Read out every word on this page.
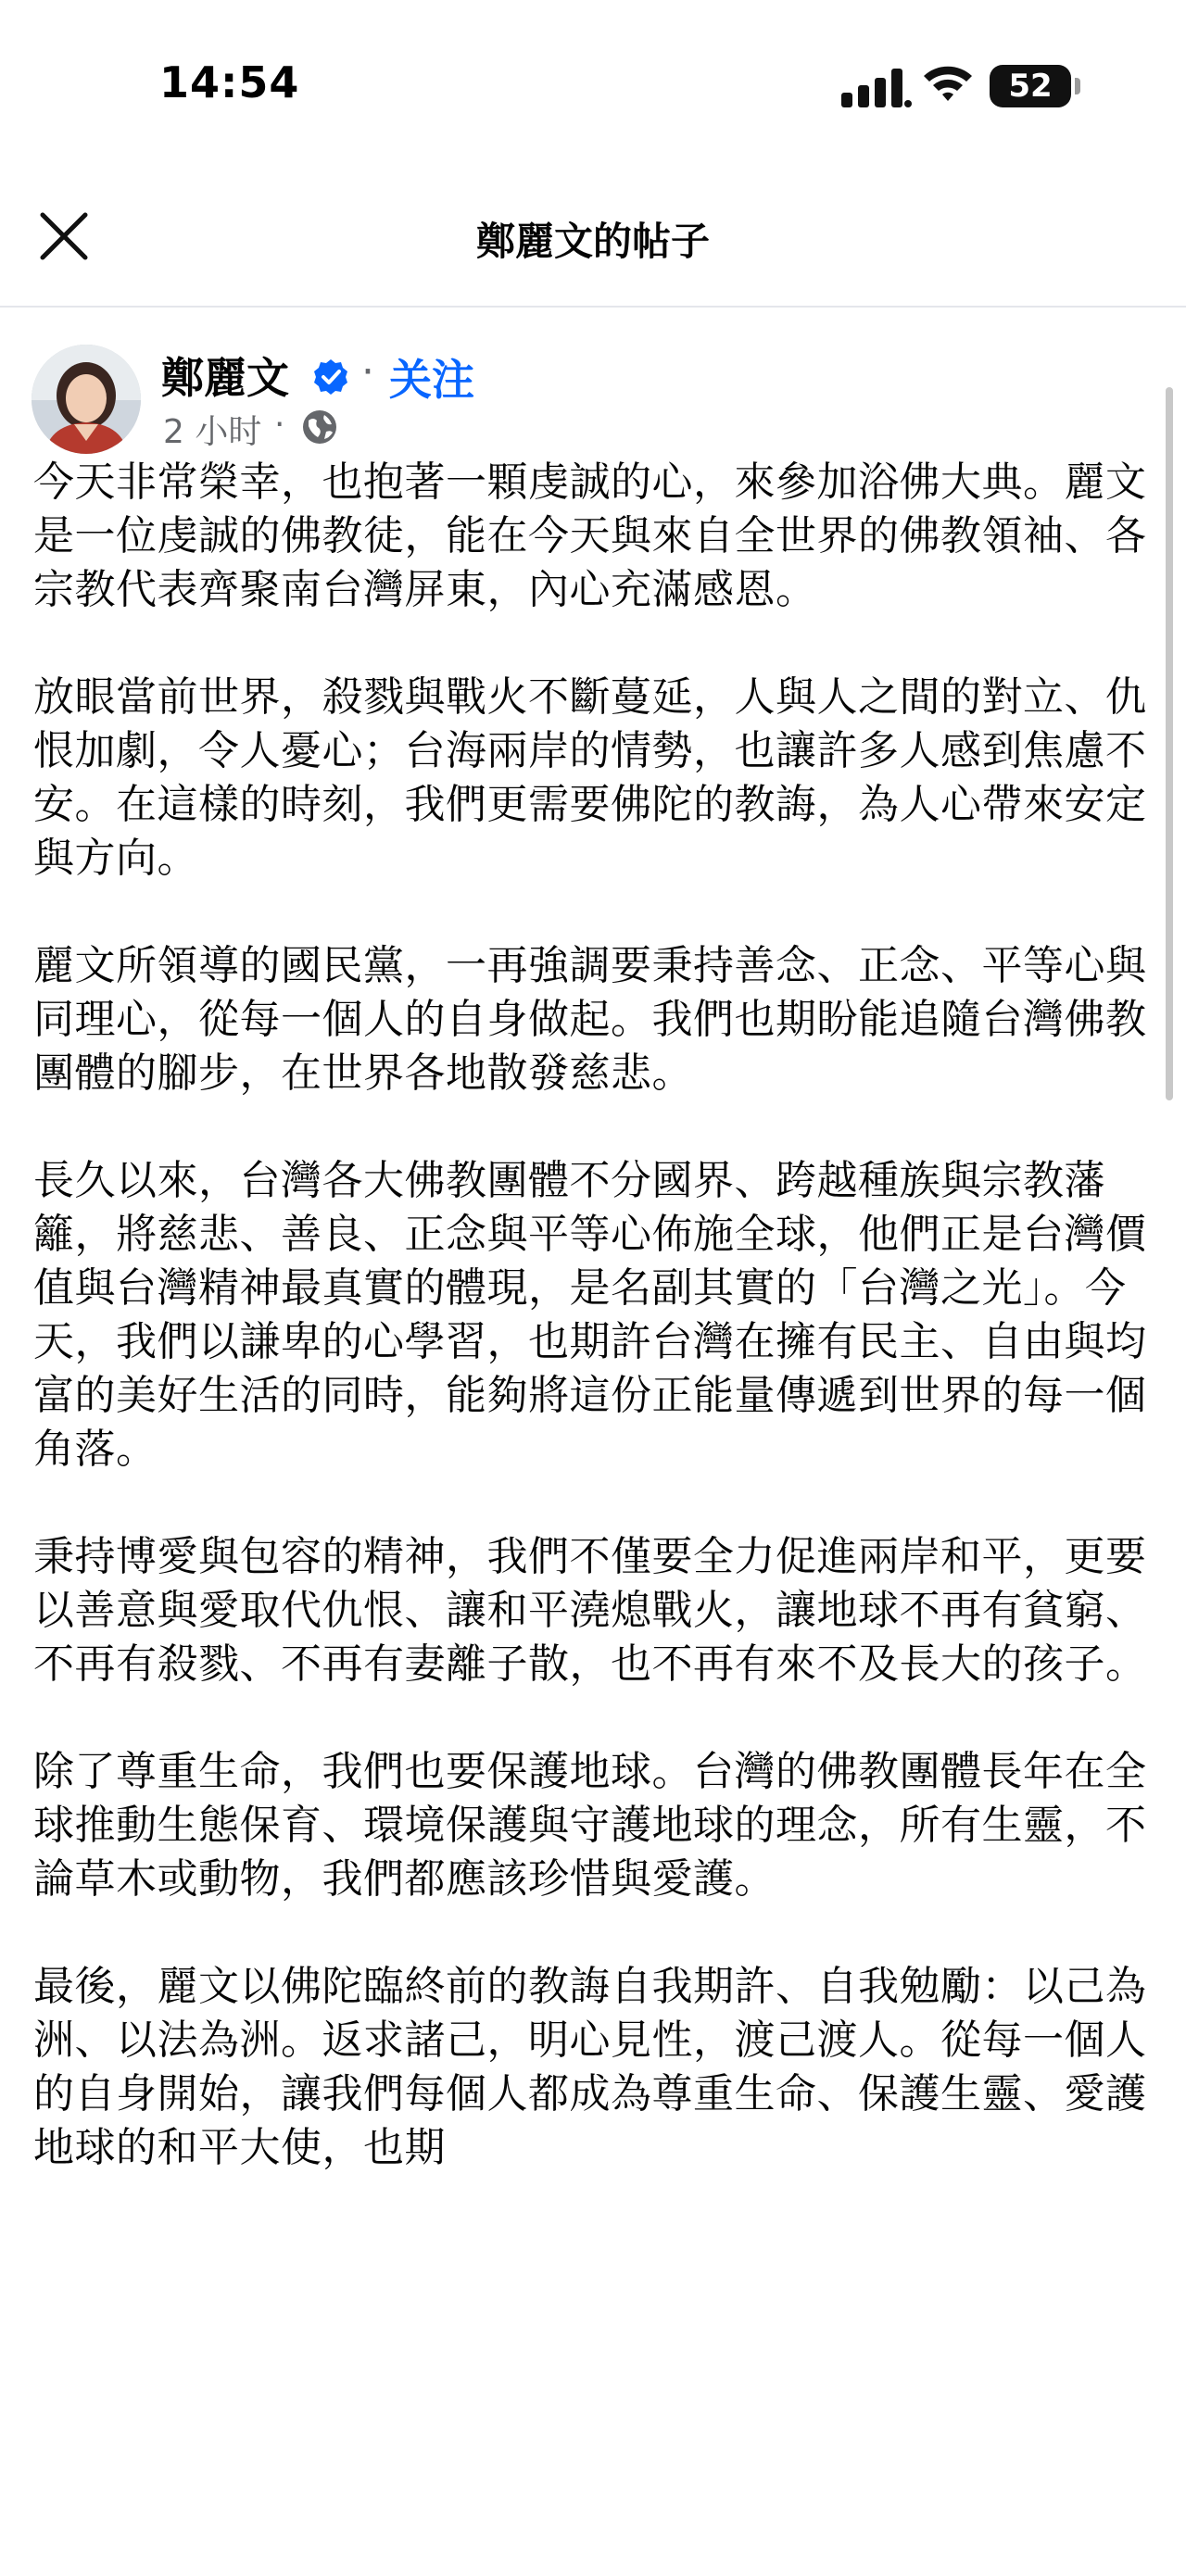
14:54	52
鄭麗文的帖子
鄭麗文 · 关注
2 小时 ·

今天非常榮幸，也抱著一顆虔誠的心，來參加浴佛大典。麗文是一位虔誠的佛教徒，能在今天與來自全世界的佛教領袖、各宗教代表齊聚南台灣屏東，內心充滿感恩。

放眼當前世界，殺戮與戰火不斷蔓延，人與人之間的對立、仇恨加劇，令人憂心；台海兩岸的情勢，也讓許多人感到焦慮不安。在這樣的時刻，我們更需要佛陀的教誨，為人心帶來安定與方向。

麗文所領導的國民黨，一再強調要秉持善念、正念、平等心與同理心，從每一個人的自身做起。我們也期盼能追隨台灣佛教團體的腳步，在世界各地散發慈悲。

長久以來，台灣各大佛教團體不分國界、跨越種族與宗教藩籬，將慈悲、善良、正念與平等心佈施全球，他們正是台灣價值與台灣精神最真實的體現，是名副其實的「台灣之光」。今天，我們以謙卑的心學習，也期許台灣在擁有民主、自由與均富的美好生活的同時，能夠將這份正能量傳遞到世界的每一個角落。

秉持博愛與包容的精神，我們不僅要全力促進兩岸和平，更要以善意與愛取代仇恨、讓和平澆熄戰火，讓地球不再有貧窮、不再有殺戮、不再有妻離子散，也不再有來不及長大的孩子。

除了尊重生命，我們也要保護地球。台灣的佛教團體長年在全球推動生態保育、環境保護與守護地球的理念，所有生靈，不論草木或動物，我們都應該珍惜與愛護。

最後，麗文以佛陀臨終前的教誨自我期許、自我勉勵：以己為洲、以法為洲。返求諸己，明心見性，渡己渡人。從每一個人的自身開始，讓我們每個人都成為尊重生命、保護生靈、愛護地球的和平大使，也期
